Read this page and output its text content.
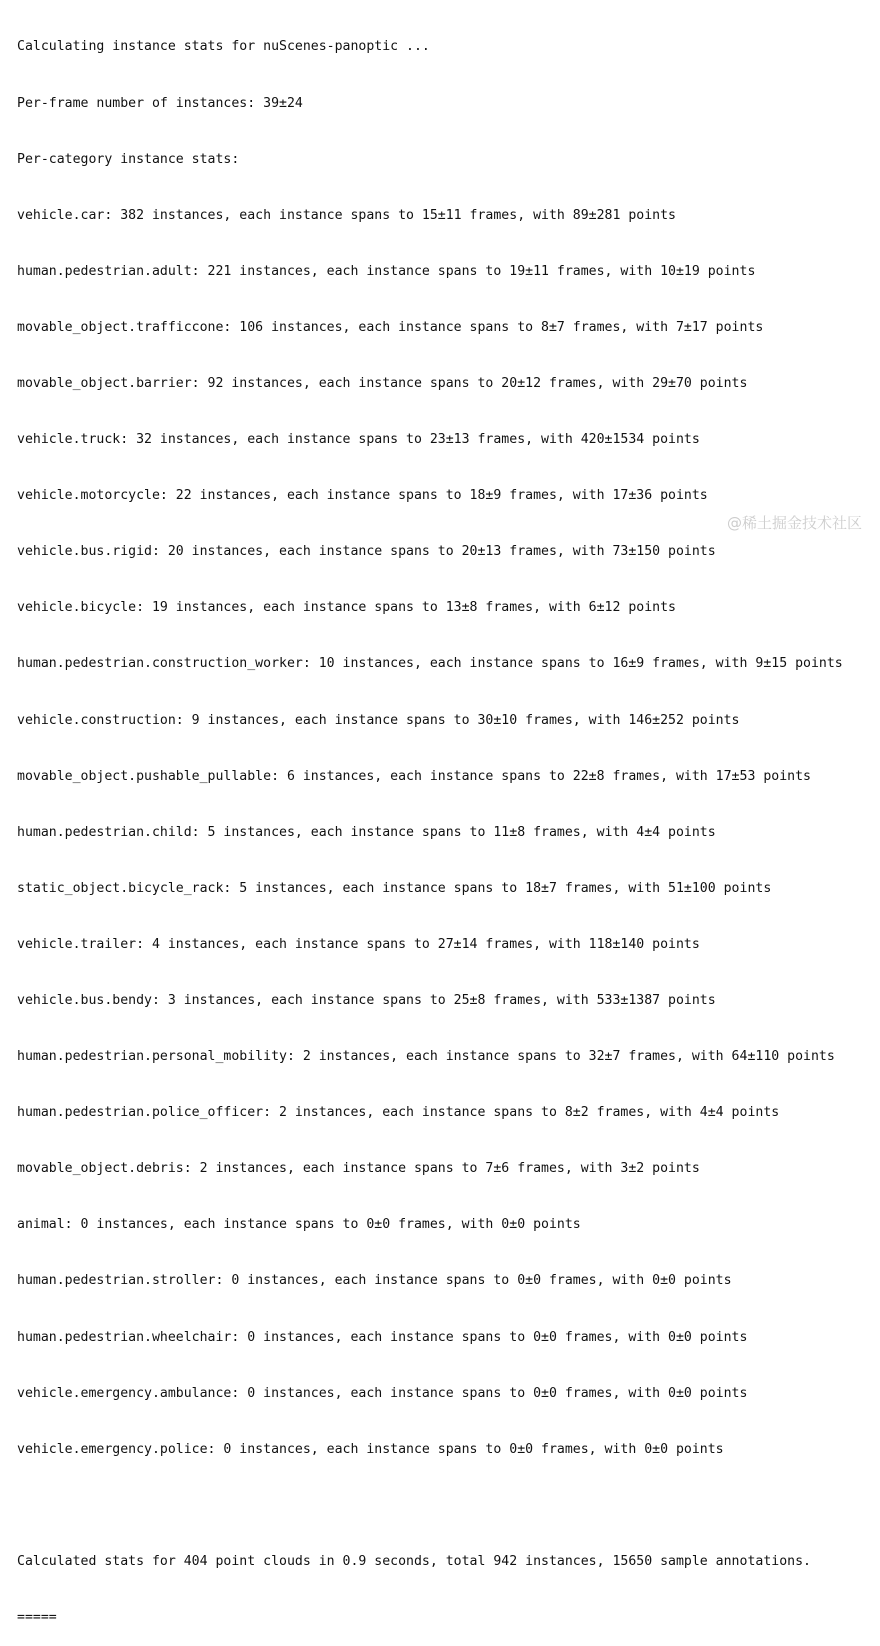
Calculating instance stats for nuScenes-panoptic ...

Per-frame number of instances: 39±24

Per-category instance stats:

vehicle.car: 382 instances, each instance spans to 15±11 frames, with 89±281 points

human.pedestrian.adult: 221 instances, each instance spans to 19±11 frames, with 10±19 points

movable_object.trafficcone: 106 instances, each instance spans to 8±7 frames, with 7±17 points

movable_object.barrier: 92 instances, each instance spans to 20±12 frames, with 29±70 points

vehicle.truck: 32 instances, each instance spans to 23±13 frames, with 420±1534 points

vehicle.motorcycle: 22 instances, each instance spans to 18±9 frames, with 17±36 points

vehicle.bus.rigid: 20 instances, each instance spans to 20±13 frames, with 73±150 points

vehicle.bicycle: 19 instances, each instance spans to 13±8 frames, with 6±12 points

human.pedestrian.construction_worker: 10 instances, each instance spans to 16±9 frames, with 9±15 points

vehicle.construction: 9 instances, each instance spans to 30±10 frames, with 146±252 points

movable_object.pushable_pullable: 6 instances, each instance spans to 22±8 frames, with 17±53 points

human.pedestrian.child: 5 instances, each instance spans to 11±8 frames, with 4±4 points

static_object.bicycle_rack: 5 instances, each instance spans to 18±7 frames, with 51±100 points

vehicle.trailer: 4 instances, each instance spans to 27±14 frames, with 118±140 points

vehicle.bus.bendy: 3 instances, each instance spans to 25±8 frames, with 533±1387 points

human.pedestrian.personal_mobility: 2 instances, each instance spans to 32±7 frames, with 64±110 points

human.pedestrian.police_officer: 2 instances, each instance spans to 8±2 frames, with 4±4 points

movable_object.debris: 2 instances, each instance spans to 7±6 frames, with 3±2 points

animal: 0 instances, each instance spans to 0±0 frames, with 0±0 points

human.pedestrian.stroller: 0 instances, each instance spans to 0±0 frames, with 0±0 points

human.pedestrian.wheelchair: 0 instances, each instance spans to 0±0 frames, with 0±0 points

vehicle.emergency.ambulance: 0 instances, each instance spans to 0±0 frames, with 0±0 points

vehicle.emergency.police: 0 instances, each instance spans to 0±0 frames, with 0±0 points

Calculated stats for 404 point clouds in 0.9 seconds, total 942 instances, 15650 sample annotations.

=====

@稀土掘金技术社区
